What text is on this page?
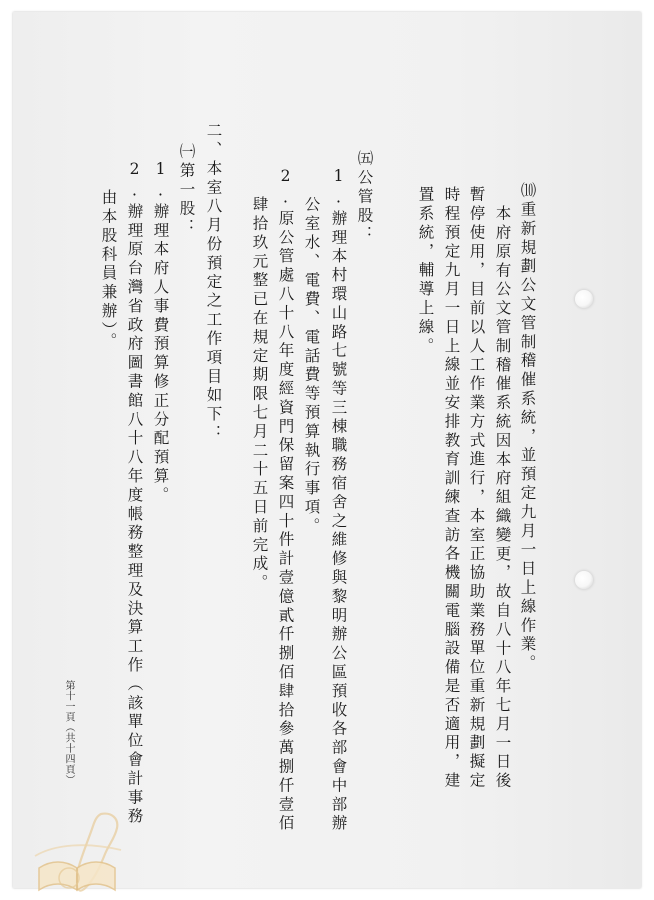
⑽重新規劃公文管制稽催系統，並預定九月一日上線作業。
本府原有公文管制稽催系統因本府組織變更，故自八十八年七月一日後
暫停使用，目前以人工作業方式進行，本室正協助業務單位重新規劃擬定
時程預定九月一日上線並安排教育訓練查訪各機關電腦設備是否適用，建
置系統，輔導上線。
㈤公管股：
1.辦理本村環山路七號等三棟職務宿舍之維修與黎明辦公區預收各部會中部辦
公室水、電費、電話費等預算執行事項。
2.原公管處八十八年度經資門保留案四十件計壹億貳仟捌佰肆拾參萬捌仟壹佰
肆拾玖元整已在規定期限七月二十五日前完成。
二、本室八月份預定之工作項目如下：
㈠第一股：
1.辦理本府人事費預算修正分配預算。
2.辦理原台灣省政府圖書館八十八年度帳務整理及決算工作（該單位會計事務
由本股科員兼辦）。
第十一頁（共十四頁）
